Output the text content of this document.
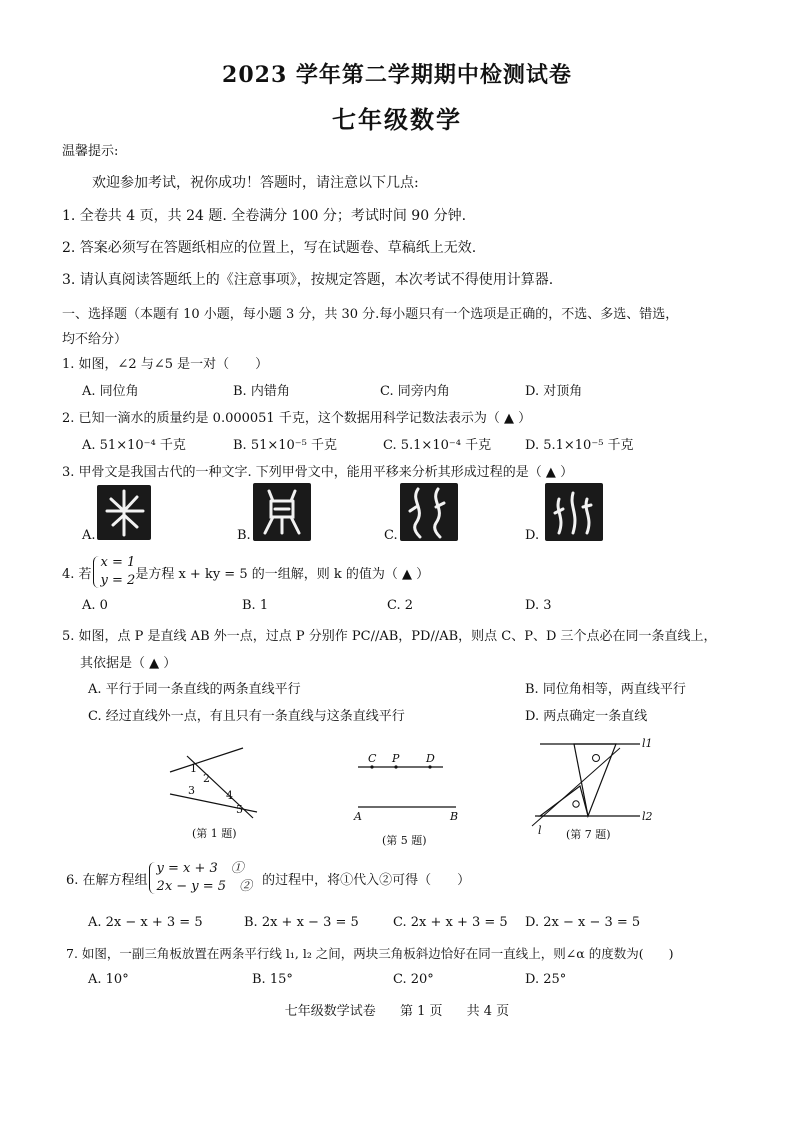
2023 学年第二学期期中检测试卷
七年级数学
温馨提示:
欢迎参加考试，祝你成功！答题时，请注意以下几点:
1. 全卷共 4 页，共 24 题. 全卷满分 100 分；考试时间 90 分钟.
2. 答案必须写在答题纸相应的位置上，写在试题卷、草稿纸上无效.
3. 请认真阅读答题纸上的《注意事项》，按规定答题，本次考试不得使用计算器.
一、选择题（本题有 10 小题，每小题 3 分，共 30 分.每小题只有一个选项是正确的，不选、多选、错选，
均不给分）
1. 如图，∠2 与∠5 是一对（　　）
A. 同位角	B. 内错角	C. 同旁内角	D. 对顶角
2. 已知一滴水的质量约是 0.000051 千克，这个数据用科学记数法表示为（ ▲ ）
A. 51×10⁻⁴ 千克	B. 51×10⁻⁵ 千克	C. 5.1×10⁻⁴ 千克	D. 5.1×10⁻⁵ 千克
3. 甲骨文是我国古代的一种文字. 下列甲骨文中，能用平移来分析其形成过程的是（ ▲ ）
A.	B.	C.	D.
4. 若
x = 1
y = 2 是方程 x + ky = 5 的一组解，则 k 的值为（ ▲ ）
A. 0	B. 1	C. 2	D. 3
5. 如图，点 P 是直线 AB 外一点，过点 P 分别作 PC//AB，PD//AB，则点 C、P、D 三个点必在同一条直线上，
其依据是（ ▲ ）
A. 平行于同一条直线的两条直线平行	B. 同位角相等，两直线平行
C. 经过直线外一点，有且只有一条直线与这条直线平行	D. 两点确定一条直线
1
2
3	4
5
(第 1 题)
C P D
A	B
(第 5 题)
l1
l2
l (第 7 题)
6. 在解方程组
y = x + 3　①
2x − y = 5　② 的过程中，将①代入②可得（　　）
A. 2x − x + 3 = 5	B. 2x + x − 3 = 5	C. 2x + x + 3 = 5 D. 2x − x − 3 = 5
7. 如图，一副三角板放置在两条平行线 l₁, l₂ 之间，两块三角板斜边恰好在同一直线上，则∠α 的度数为(　　)
A. 10°	B. 15°	C. 20°	D. 25°
七年级数学试卷 第 1 页 共 4 页
